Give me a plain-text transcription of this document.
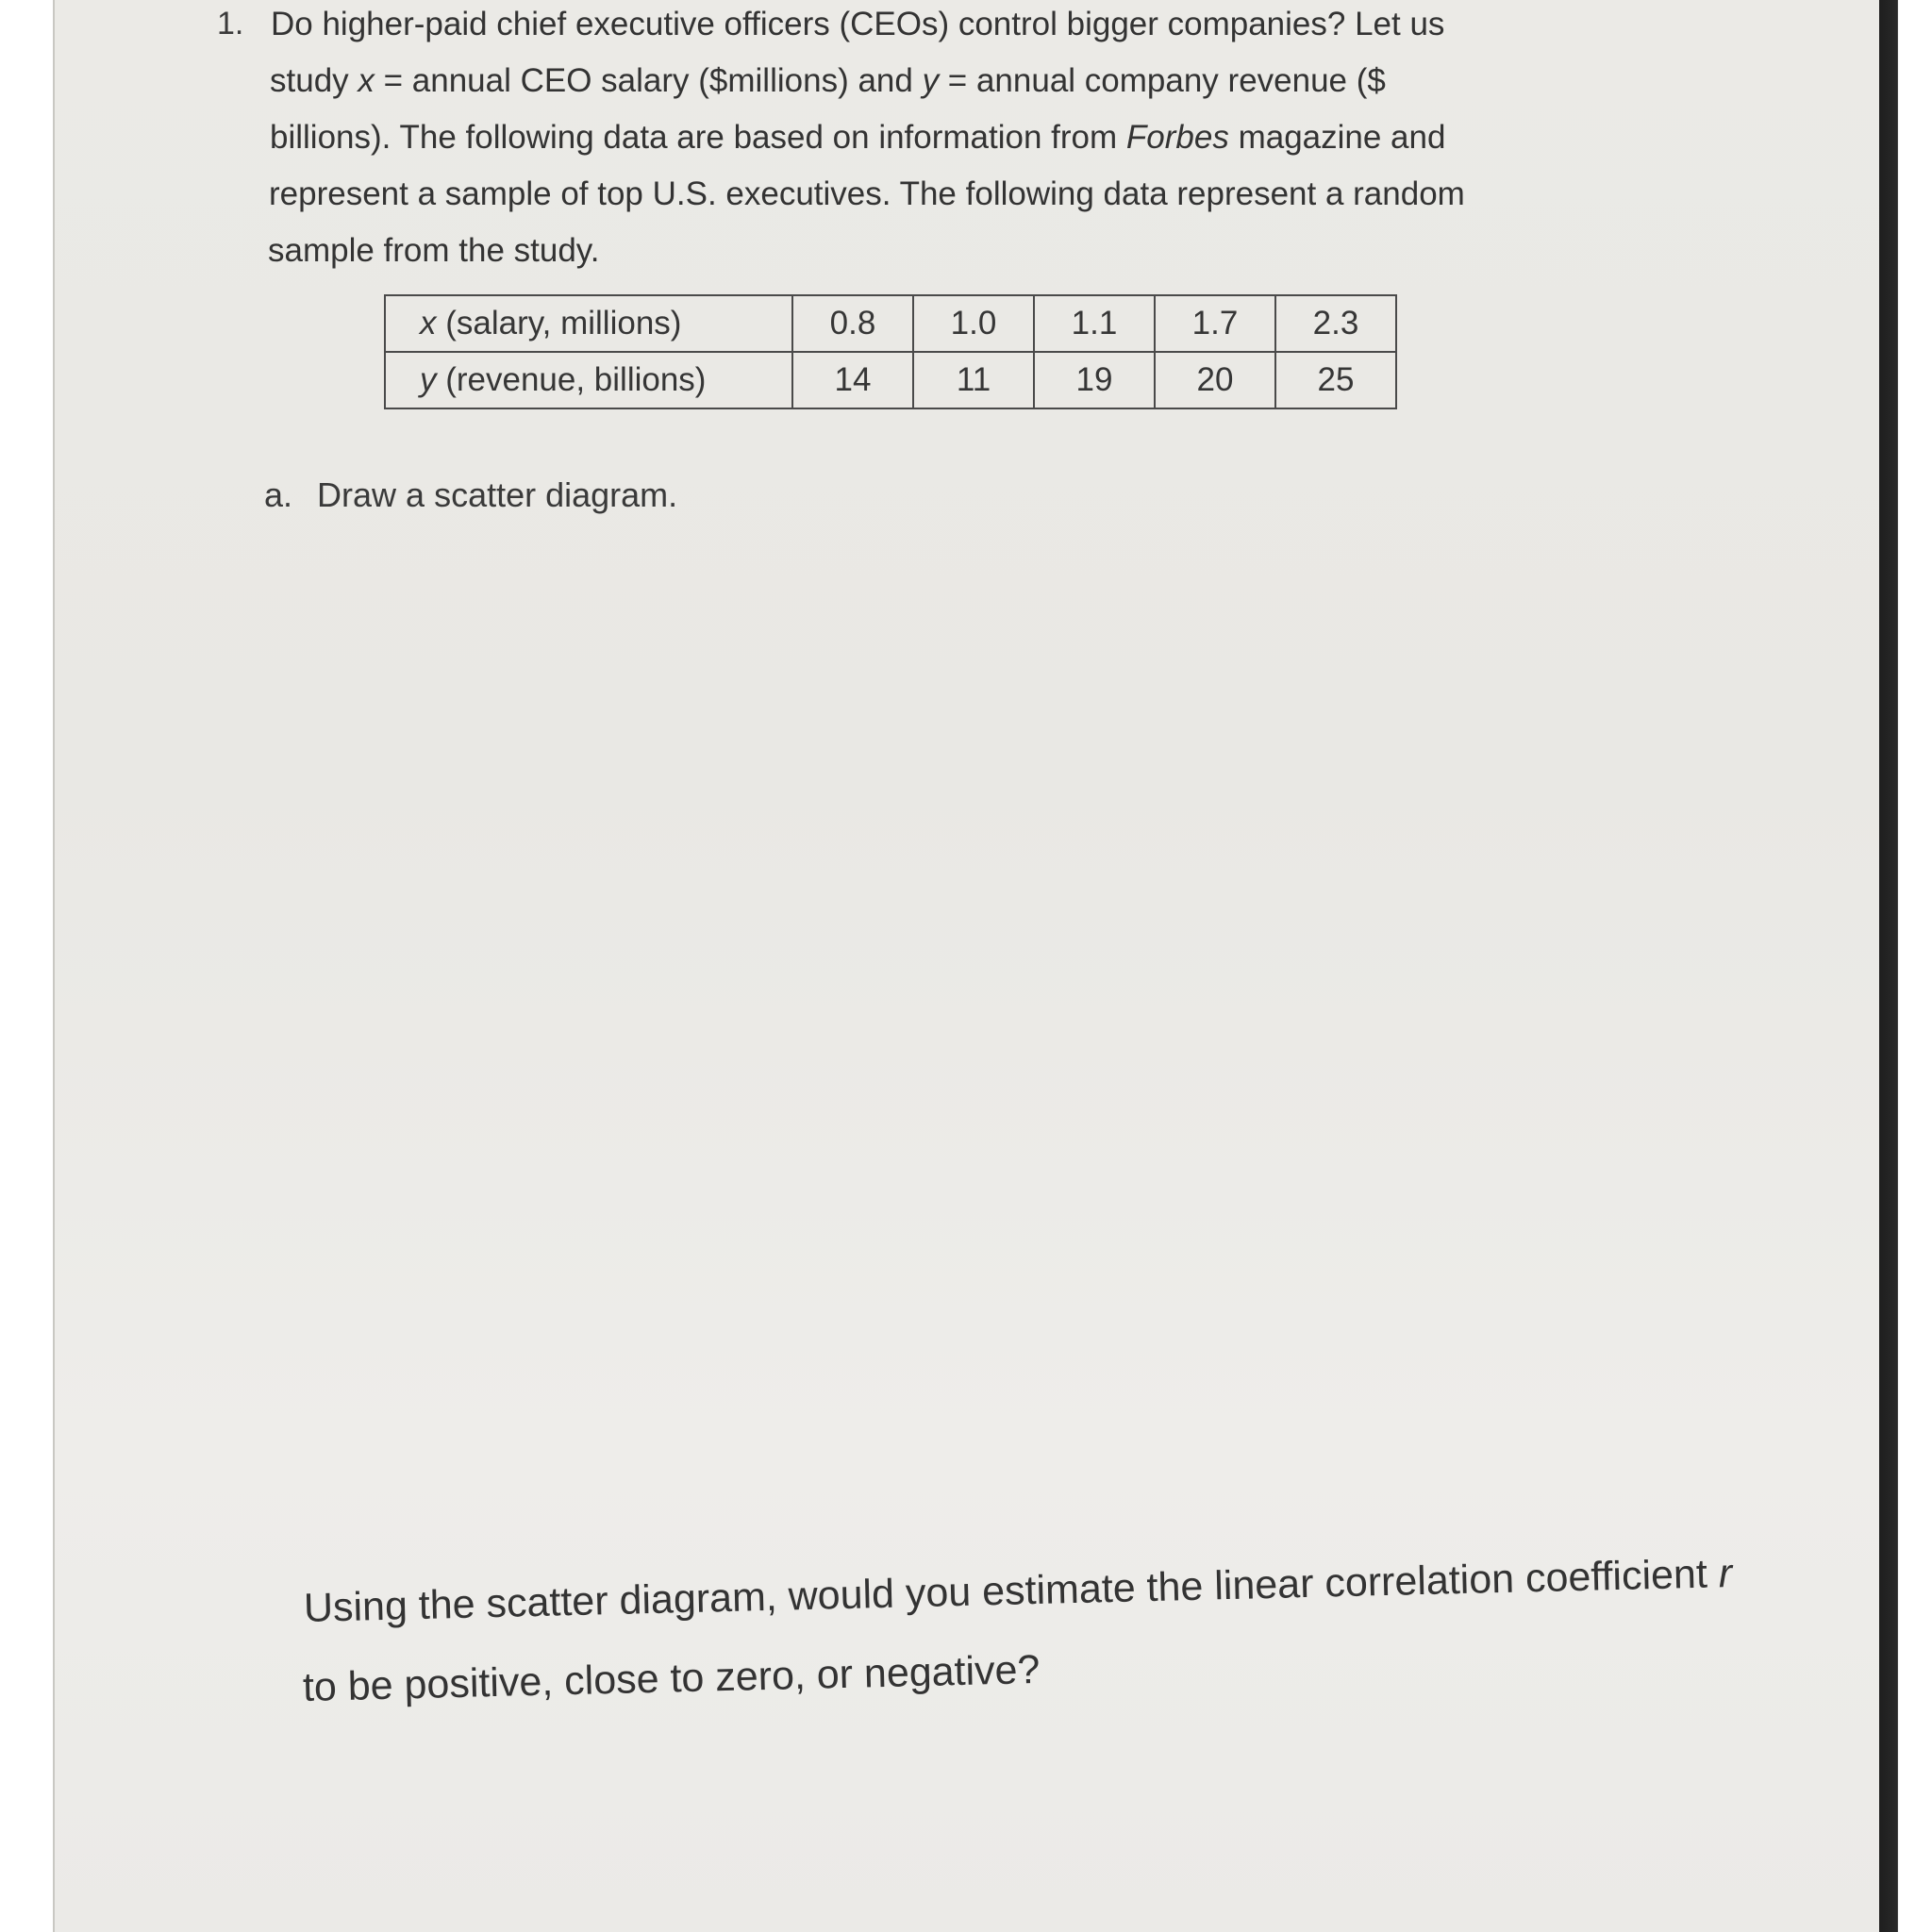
1. Do higher-paid chief executive officers (CEOs) control bigger companies? Let us
study x = annual CEO salary ($millions) and y = annual company revenue ($
billions). The following data are based on information from Forbes magazine and
represent a sample of top U.S. executives. The following data represent a random
sample from the study.
x (salary, millions)	0.8	1.0	1.1	1.7	2.3
y (revenue, billions)	14	11	19	20	25
a. Draw a scatter diagram.
Using the scatter diagram, would you estimate the linear correlation coefficient r
to be positive, close to zero, or negative?
